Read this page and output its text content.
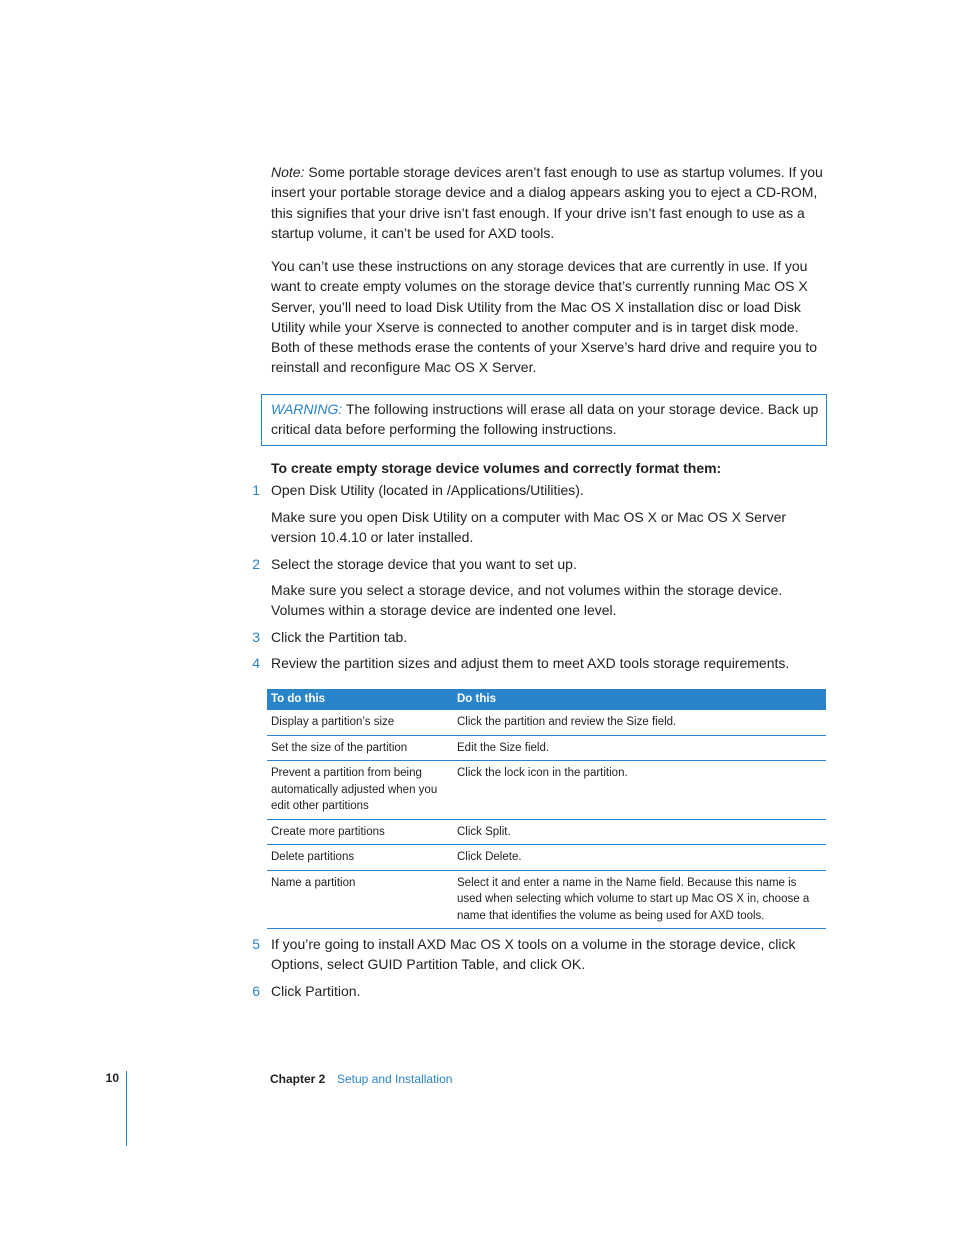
Note: Some portable storage devices aren’t fast enough to use as startup volumes. If you insert your portable storage device and a dialog appears asking you to eject a CD-ROM, this signifies that your drive isn’t fast enough. If your drive isn’t fast enough to use as a startup volume, it can’t be used for AXD tools.

You can’t use these instructions on any storage devices that are currently in use. If you want to create empty volumes on the storage device that’s currently running Mac OS X Server, you’ll need to load Disk Utility from the Mac OS X installation disc or load Disk Utility while your Xserve is connected to another computer and is in target disk mode. Both of these methods erase the contents of your Xserve’s hard drive and require you to reinstall and reconfigure Mac OS X Server.

WARNING: The following instructions will erase all data on your storage device. Back up critical data before performing the following instructions.

To create empty storage device volumes and correctly format them:

1 Open Disk Utility (located in /Applications/Utilities).

Make sure you open Disk Utility on a computer with Mac OS X or Mac OS X Server version 10.4.10 or later installed.

2 Select the storage device that you want to set up.

Make sure you select a storage device, and not volumes within the storage device. Volumes within a storage device are indented one level.

3 Click the Partition tab.

4 Review the partition sizes and adjust them to meet AXD tools storage requirements.

To do this	Do this
Display a partition’s size	Click the partition and review the Size field.
Set the size of the partition	Edit the Size field.
Prevent a partition from being automatically adjusted when you edit other partitions	Click the lock icon in the partition.
Create more partitions	Click Split.
Delete partitions	Click Delete.
Name a partition	Select it and enter a name in the Name field. Because this name is used when selecting which volume to start up Mac OS X in, choose a name that identifies the volume as being used for AXD tools.
5 If you’re going to install AXD Mac OS X tools on a volume in the storage device, click Options, select GUID Partition Table, and click OK.

6 Click Partition.

10	Chapter 2 Setup and Installation
